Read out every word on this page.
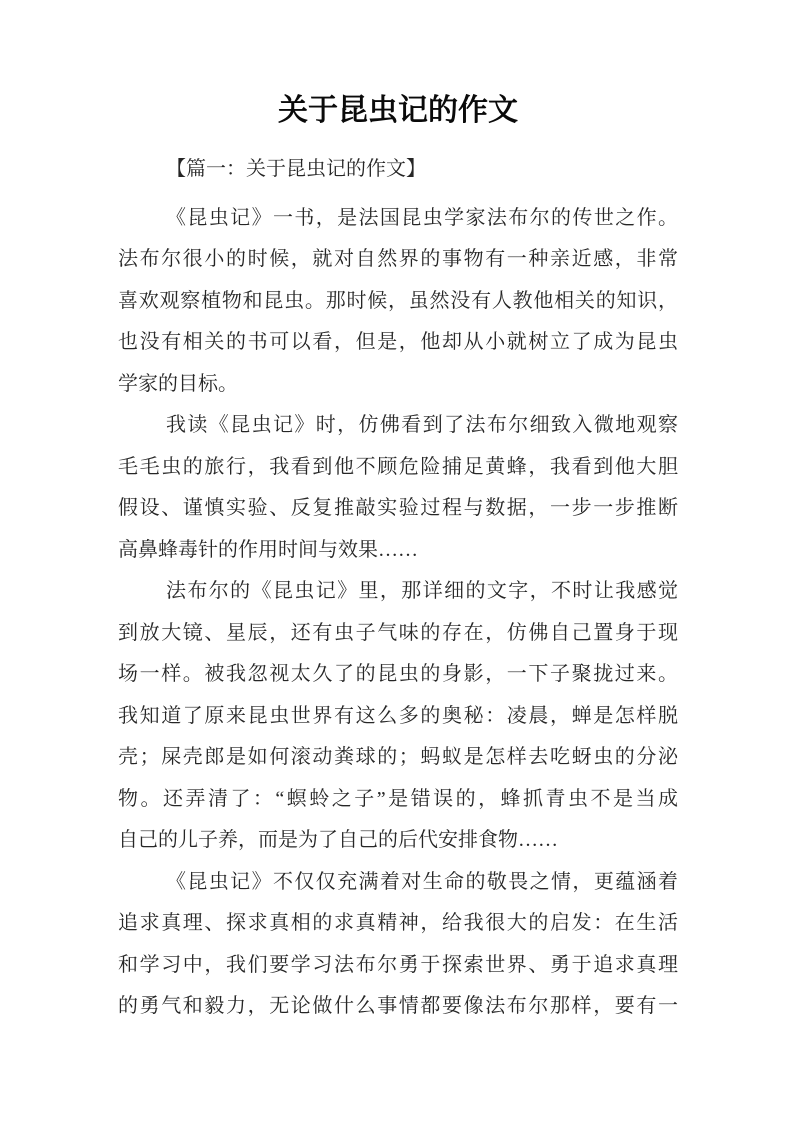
关于昆虫记的作文
【篇一：关于昆虫记的作文】
《昆虫记》一书，是法国昆虫学家法布尔的传世之作。
法布尔很小的时候，就对自然界的事物有一种亲近感，非常
喜欢观察植物和昆虫。那时候，虽然没有人教他相关的知识，
也没有相关的书可以看，但是，他却从小就树立了成为昆虫
学家的目标。
我读《昆虫记》时，仿佛看到了法布尔细致入微地观察
毛毛虫的旅行，我看到他不顾危险捕足黄蜂，我看到他大胆
假设、谨慎实验、反复推敲实验过程与数据，一步一步推断
高鼻蜂毒针的作用时间与效果……
法布尔的《昆虫记》里，那详细的文字，不时让我感觉
到放大镜、星辰，还有虫子气味的存在，仿佛自己置身于现
场一样。被我忽视太久了的昆虫的身影，一下子聚拢过来。
我知道了原来昆虫世界有这么多的奥秘：凌晨，蝉是怎样脱
壳；屎壳郎是如何滚动粪球的；蚂蚁是怎样去吃蚜虫的分泌
物。还弄清了：“螟蛉之子”是错误的，蜂抓青虫不是当成
自己的儿子养，而是为了自己的后代安排食物……
《昆虫记》不仅仅充满着对生命的敬畏之情，更蕴涵着
追求真理、探求真相的求真精神，给我很大的启发：在生活
和学习中，我们要学习法布尔勇于探索世界、勇于追求真理
的勇气和毅力，无论做什么事情都要像法布尔那样，要有一
